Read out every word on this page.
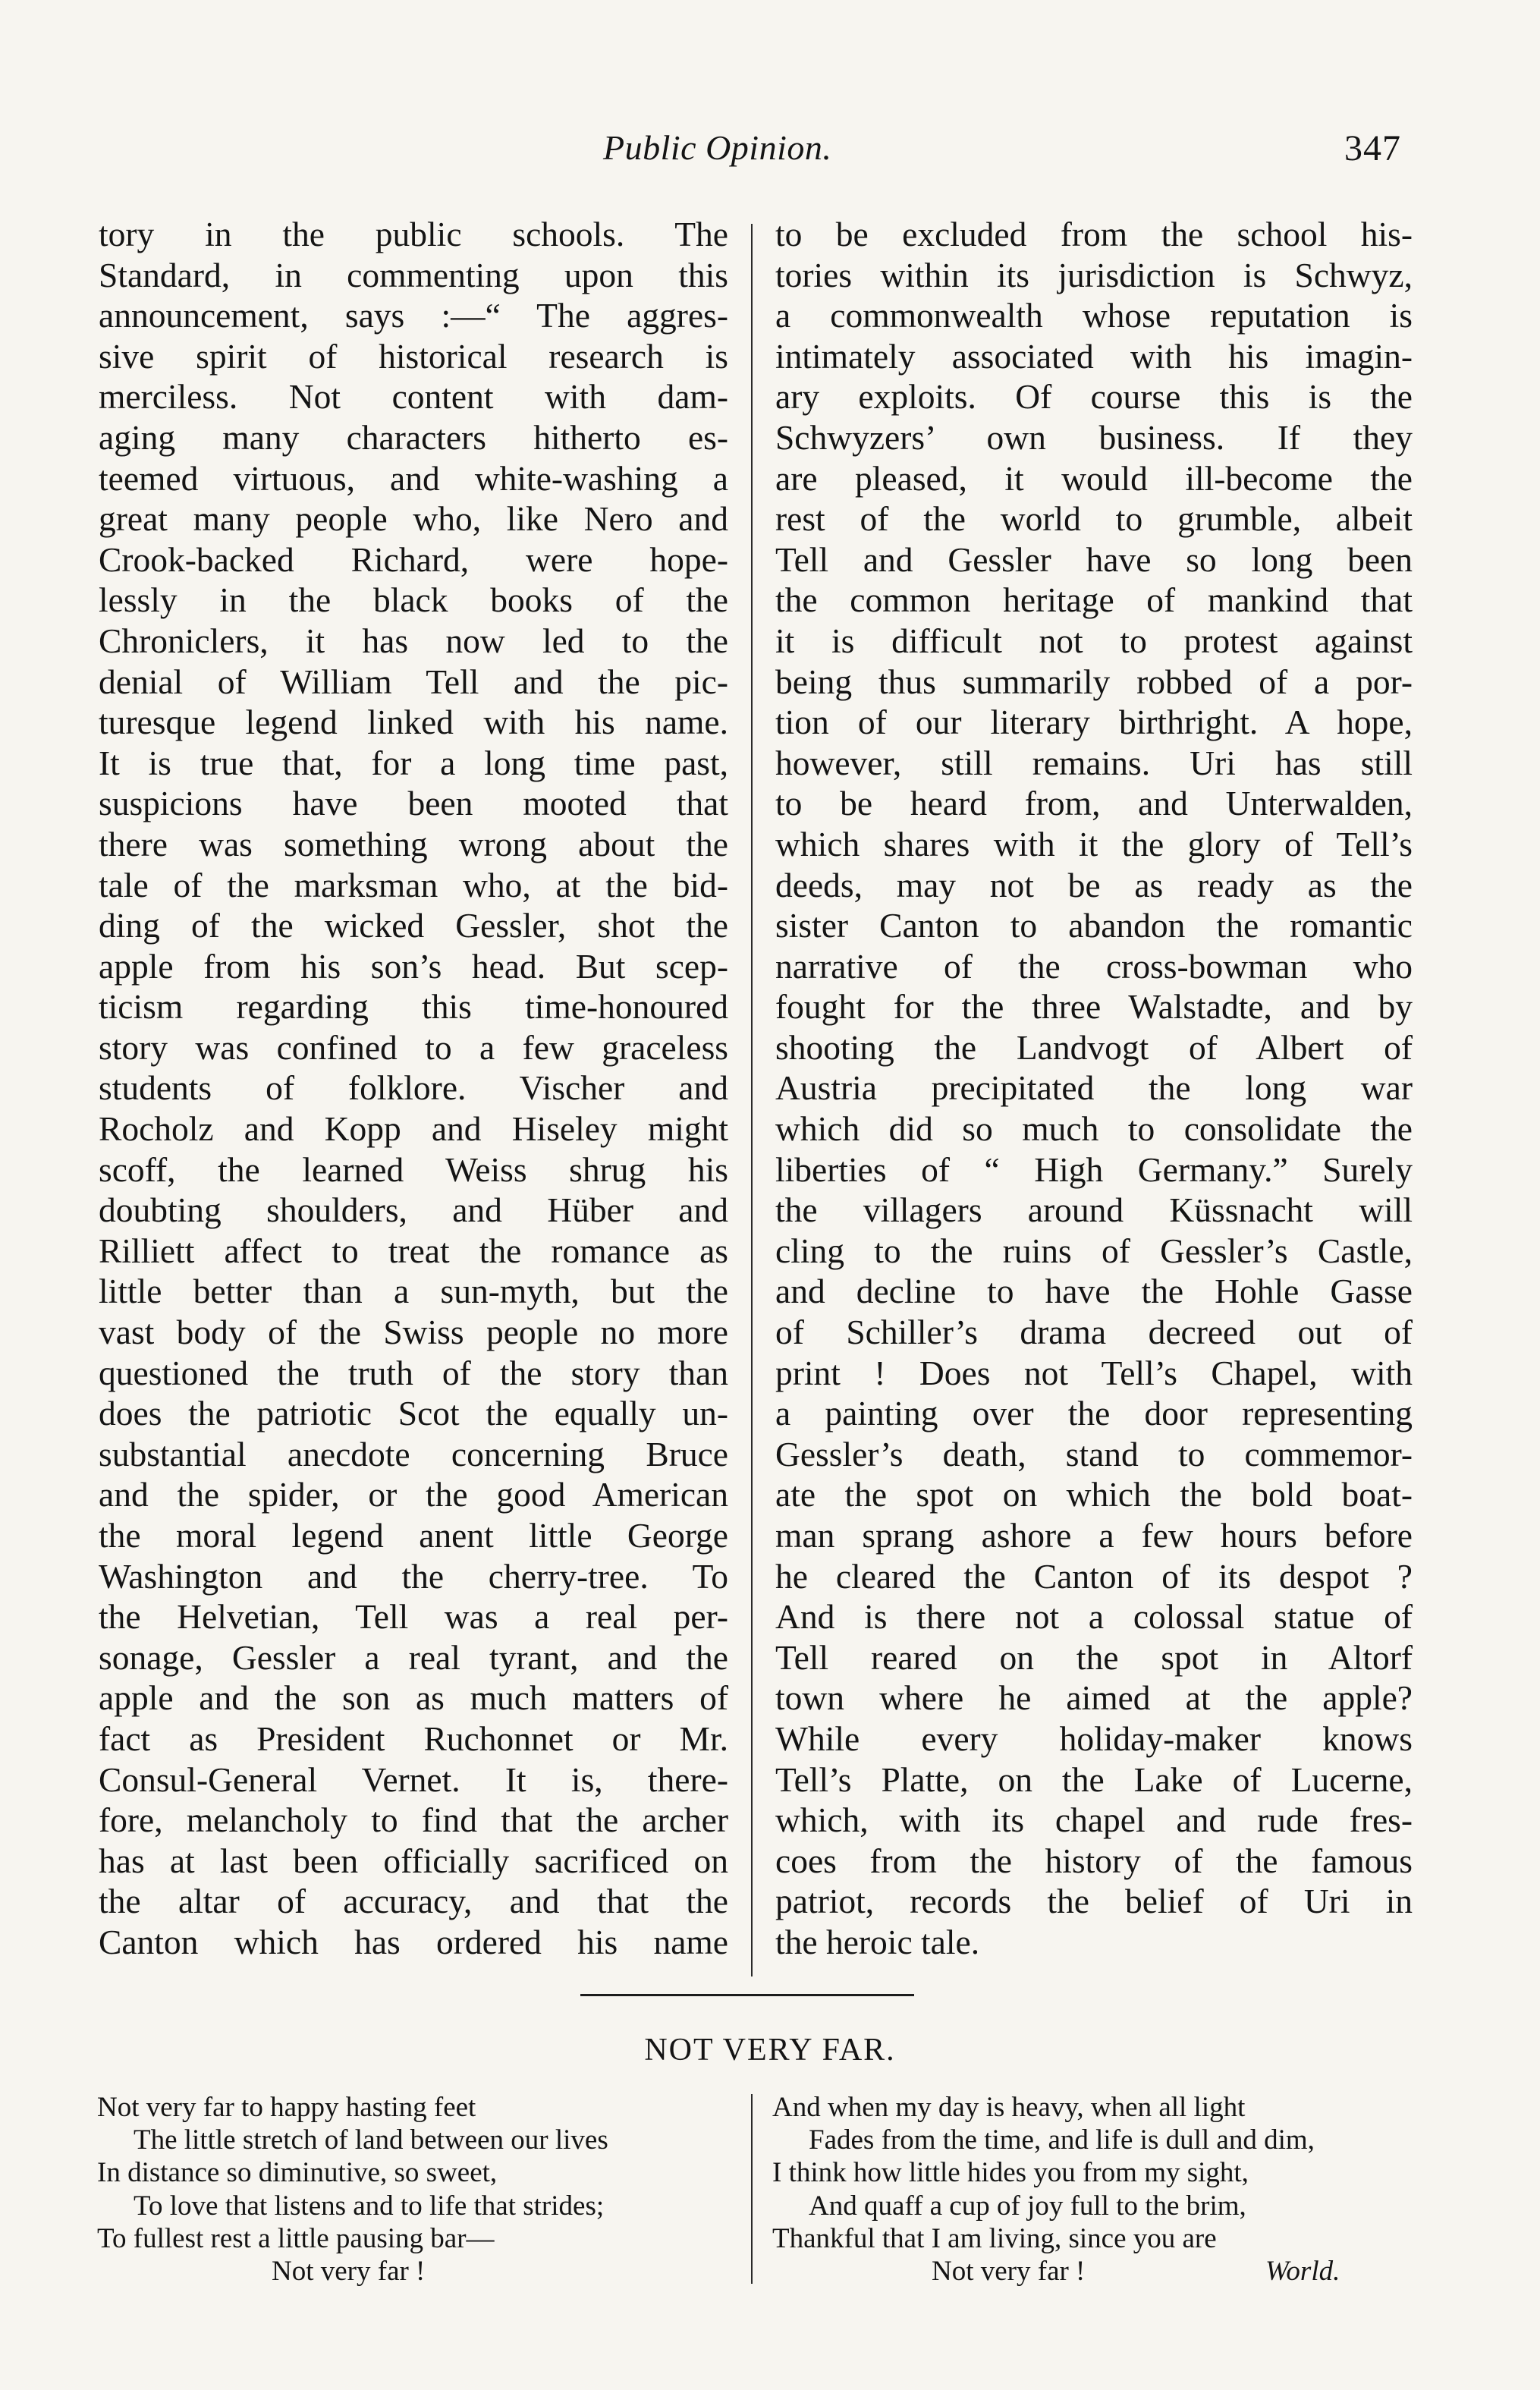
Public Opinion.	347
tory in the public schools. The
Standard, in commenting upon this
announcement, says :—“ The aggres-
sive spirit of historical research is
merciless. Not content with dam-
aging many characters hitherto es-
teemed virtuous, and white-washing a
great many people who, like Nero and
Crook-backed Richard, were hope-
lessly in the black books of the
Chroniclers, it has now led to the
denial of William Tell and the pic-
turesque legend linked with his name.
It is true that, for a long time past,
suspicions have been mooted that
there was something wrong about the
tale of the marksman who, at the bid-
ding of the wicked Gessler, shot the
apple from his son’s head. But scep-
ticism regarding this time-honoured
story was confined to a few graceless
students of folklore. Vischer and
Rocholz and Kopp and Hiseley might
scoff, the learned Weiss shrug his
doubting shoulders, and Hüber and
Rilliett affect to treat the romance as
little better than a sun-myth, but the
vast body of the Swiss people no more
questioned the truth of the story than
does the patriotic Scot the equally un-
substantial anecdote concerning Bruce
and the spider, or the good American
the moral legend anent little George
Washington and the cherry-tree. To
the Helvetian, Tell was a real per-
sonage, Gessler a real tyrant, and the
apple and the son as much matters of
fact as President Ruchonnet or Mr.
Consul-General Vernet. It is, there-
fore, melancholy to find that the archer
has at last been officially sacrificed on
the altar of accuracy, and that the
Canton which has ordered his name
to be excluded from the school his-
tories within its jurisdiction is Schwyz,
a commonwealth whose reputation is
intimately associated with his imagin-
ary exploits. Of course this is the
Schwyzers’ own business. If they
are pleased, it would ill-become the
rest of the world to grumble, albeit
Tell and Gessler have so long been
the common heritage of mankind that
it is difficult not to protest against
being thus summarily robbed of a por-
tion of our literary birthright. A hope,
however, still remains. Uri has still
to be heard from, and Unterwalden,
which shares with it the glory of Tell’s
deeds, may not be as ready as the
sister Canton to abandon the romantic
narrative of the cross-bowman who
fought for the three Walstadte, and by
shooting the Landvogt of Albert of
Austria precipitated the long war
which did so much to consolidate the
liberties of “ High Germany.” Surely
the villagers around Küssnacht will
cling to the ruins of Gessler’s Castle,
and decline to have the Hohle Gasse
of Schiller’s drama decreed out of
print ! Does not Tell’s Chapel, with
a painting over the door representing
Gessler’s death, stand to commemor-
ate the spot on which the bold boat-
man sprang ashore a few hours before
he cleared the Canton of its despot ?
And is there not a colossal statue of
Tell reared on the spot in Altorf
town where he aimed at the apple?
While every holiday-maker knows
Tell’s Platte, on the Lake of Lucerne,
which, with its chapel and rude fres-
coes from the history of the famous
patriot, records the belief of Uri in
the heroic tale.
NOT VERY FAR.
Not very far to happy hasting feet
The little stretch of land between our lives
In distance so diminutive, so sweet,
To love that listens and to life that strides;
To fullest rest a little pausing bar—
Not very far !
And when my day is heavy, when all light
Fades from the time, and life is dull and dim,
I think how little hides you from my sight,
And quaff a cup of joy full to the brim,
Thankful that I am living, since you are
Not very far !	World.
